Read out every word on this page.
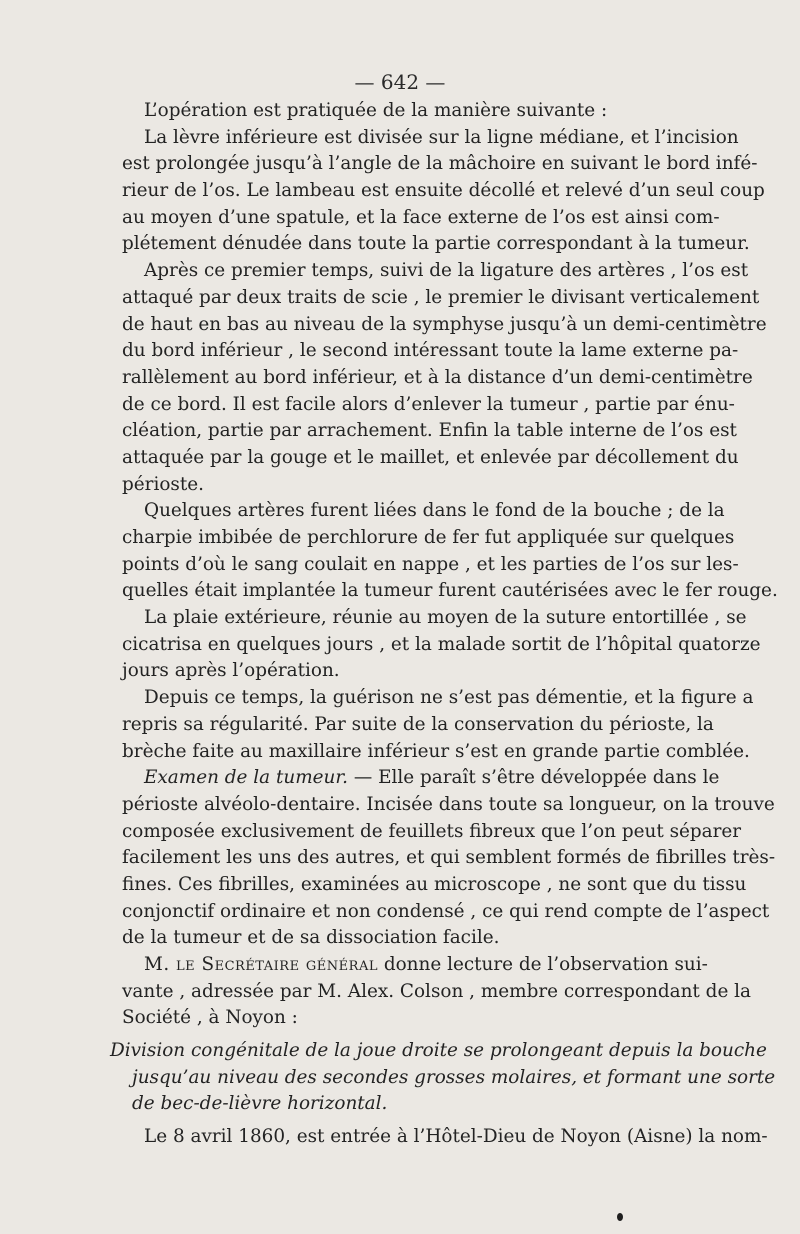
— 642 —
L’opération est pratiquée de la manière suivante :
La lèvre inférieure est divisée sur la ligne médiane, et l’incision
est prolongée jusqu’à l’angle de la mâchoire en suivant le bord infé-
rieur de l’os. Le lambeau est ensuite décollé et relevé d’un seul coup
au moyen d’une spatule, et la face externe de l’os est ainsi com-
plétement dénudée dans toute la partie correspondant à la tumeur.
Après ce premier temps, suivi de la ligature des artères , l’os est
attaqué par deux traits de scie , le premier le divisant verticalement
de haut en bas au niveau de la symphyse jusqu’à un demi-centimètre
du bord inférieur , le second intéressant toute la lame externe pa-
rallèlement au bord inférieur, et à la distance d’un demi-centimètre
de ce bord. Il est facile alors d’enlever la tumeur , partie par énu-
cléation, partie par arrachement. Enfin la table interne de l’os est
attaquée par la gouge et le maillet, et enlevée par décollement du
périoste.
Quelques artères furent liées dans le fond de la bouche ; de la
charpie imbibée de perchlorure de fer fut appliquée sur quelques
points d’où le sang coulait en nappe , et les parties de l’os sur les-
quelles était implantée la tumeur furent cautérisées avec le fer rouge.
La plaie extérieure, réunie au moyen de la suture entortillée , se
cicatrisa en quelques jours , et la malade sortit de l’hôpital quatorze
jours après l’opération.
Depuis ce temps, la guérison ne s’est pas démentie, et la figure a
repris sa régularité. Par suite de la conservation du périoste, la
brèche faite au maxillaire inférieur s’est en grande partie comblée.
Examen de la tumeur. — Elle paraît s’être développée dans le
périoste alvéolo-dentaire. Incisée dans toute sa longueur, on la trouve
composée exclusivement de feuillets fibreux que l’on peut séparer
facilement les uns des autres, et qui semblent formés de fibrilles très-
fines. Ces fibrilles, examinées au microscope , ne sont que du tissu
conjonctif ordinaire et non condensé , ce qui rend compte de l’aspect
de la tumeur et de sa dissociation facile.
M. le Secrétaire général donne lecture de l’observation sui-
vante , adressée par M. Alex. Colson , membre correspondant de la
Société , à Noyon :
Division congénitale de la joue droite se prolongeant depuis la bouche
jusqu’au niveau des secondes grosses molaires, et formant une sorte
de bec-de-lièvre horizontal.
Le 8 avril 1860, est entrée à l’Hôtel-Dieu de Noyon (Aisne) la nom-
